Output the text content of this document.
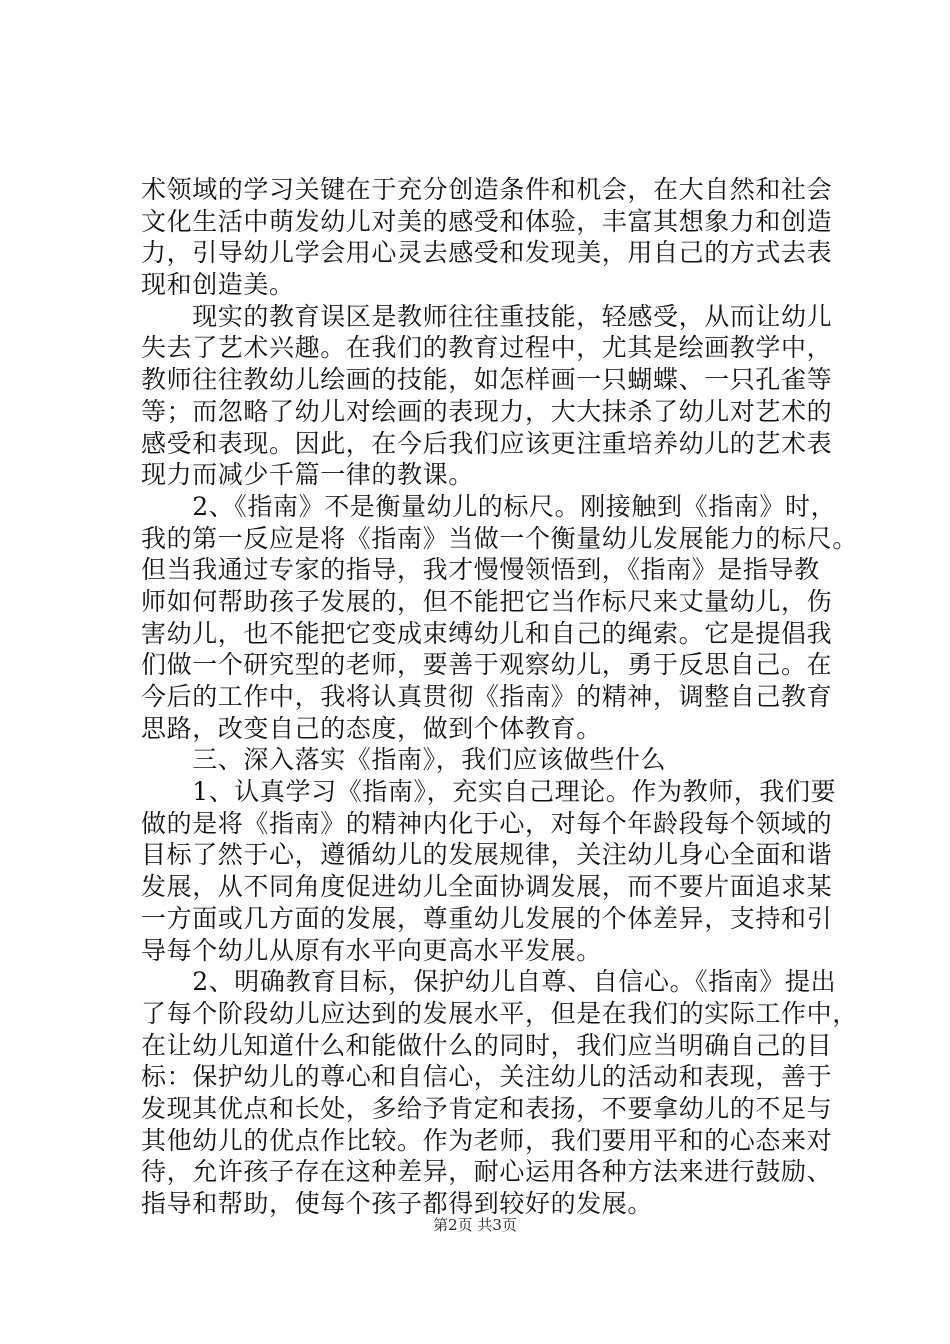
术领域的学习关键在于充分创造条件和机会，在大自然和社会
文化生活中萌发幼儿对美的感受和体验，丰富其想象力和创造
力，引导幼儿学会用心灵去感受和发现美，用自己的方式去表
现和创造美。
　　现实的教育误区是教师往往重技能，轻感受，从而让幼儿
失去了艺术兴趣。在我们的教育过程中，尤其是绘画教学中，
教师往往教幼儿绘画的技能，如怎样画一只蝴蝶、一只孔雀等
等；而忽略了幼儿对绘画的表现力，大大抹杀了幼儿对艺术的
感受和表现。因此，在今后我们应该更注重培养幼儿的艺术表
现力而减少千篇一律的教课。
　　2、《指南》不是衡量幼儿的标尺。刚接触到《指南》时，
我的第一反应是将《指南》当做一个衡量幼儿发展能力的标尺。
但当我通过专家的指导，我才慢慢领悟到，《指南》是指导教
师如何帮助孩子发展的，但不能把它当作标尺来丈量幼儿，伤
害幼儿，也不能把它变成束缚幼儿和自己的绳索。它是提倡我
们做一个研究型的老师，要善于观察幼儿，勇于反思自己。在
今后的工作中，我将认真贯彻《指南》的精神，调整自己教育
思路，改变自己的态度，做到个体教育。
　　三、深入落实《指南》，我们应该做些什么
　　1、认真学习《指南》，充实自己理论。作为教师，我们要
做的是将《指南》的精神内化于心，对每个年龄段每个领域的
目标了然于心，遵循幼儿的发展规律，关注幼儿身心全面和谐
发展，从不同角度促进幼儿全面协调发展，而不要片面追求某
一方面或几方面的发展，尊重幼儿发展的个体差异，支持和引
导每个幼儿从原有水平向更高水平发展。
　　2、明确教育目标，保护幼儿自尊、自信心。《指南》提出
了每个阶段幼儿应达到的发展水平，但是在我们的实际工作中，
在让幼儿知道什么和能做什么的同时，我们应当明确自己的目
标：保护幼儿的尊心和自信心，关注幼儿的活动和表现，善于
发现其优点和长处，多给予肯定和表扬，不要拿幼儿的不足与
其他幼儿的优点作比较。作为老师，我们要用平和的心态来对
待，允许孩子存在这种差异，耐心运用各种方法来进行鼓励、
指导和帮助，使每个孩子都得到较好的发展。
第2页 共3页
